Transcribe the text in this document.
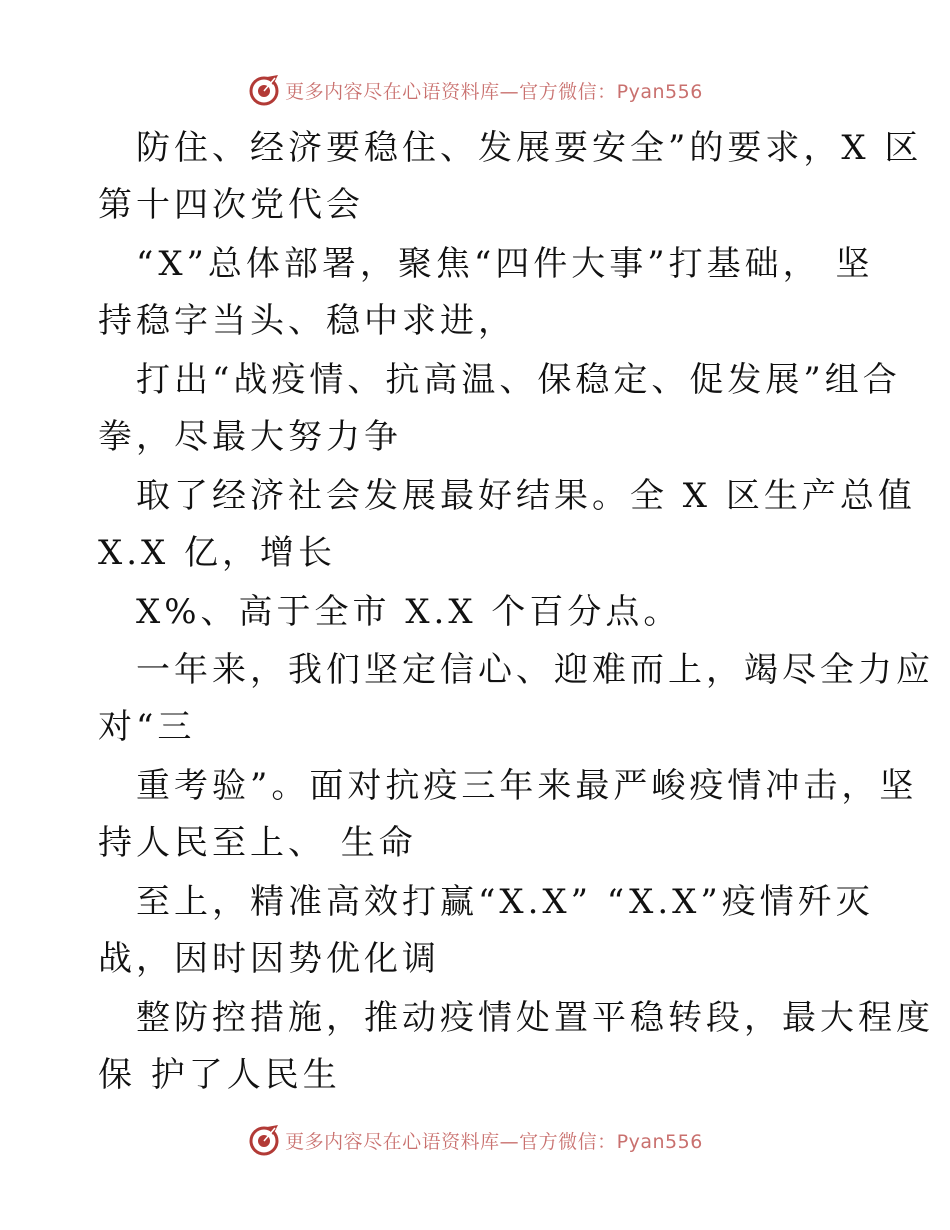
更多内容尽在心语资料库—官方微信：Pyan556
防住、经济要稳住、发展要安全”的要求，X 区
第十四次党代会
“X”总体部署，聚焦“四件大事”打基础， 坚
持稳字当头、稳中求进，
打出“战疫情、抗高温、保稳定、促发展”组合
拳，尽最大努力争
取了经济社会发展最好结果。全 X 区生产总值
X.X 亿，增长
X%、高于全市 X.X 个百分点。
一年来，我们坚定信心、迎难而上，竭尽全力应
对“三
重考验”。面对抗疫三年来最严峻疫情冲击，坚
持人民至上、 生命
至上，精准高效打赢“X.X” “X.X”疫情歼灭
战，因时因势优化调
整防控措施，推动疫情处置平稳转段，最大程度
保 护了人民生
更多内容尽在心语资料库—官方微信：Pyan556
